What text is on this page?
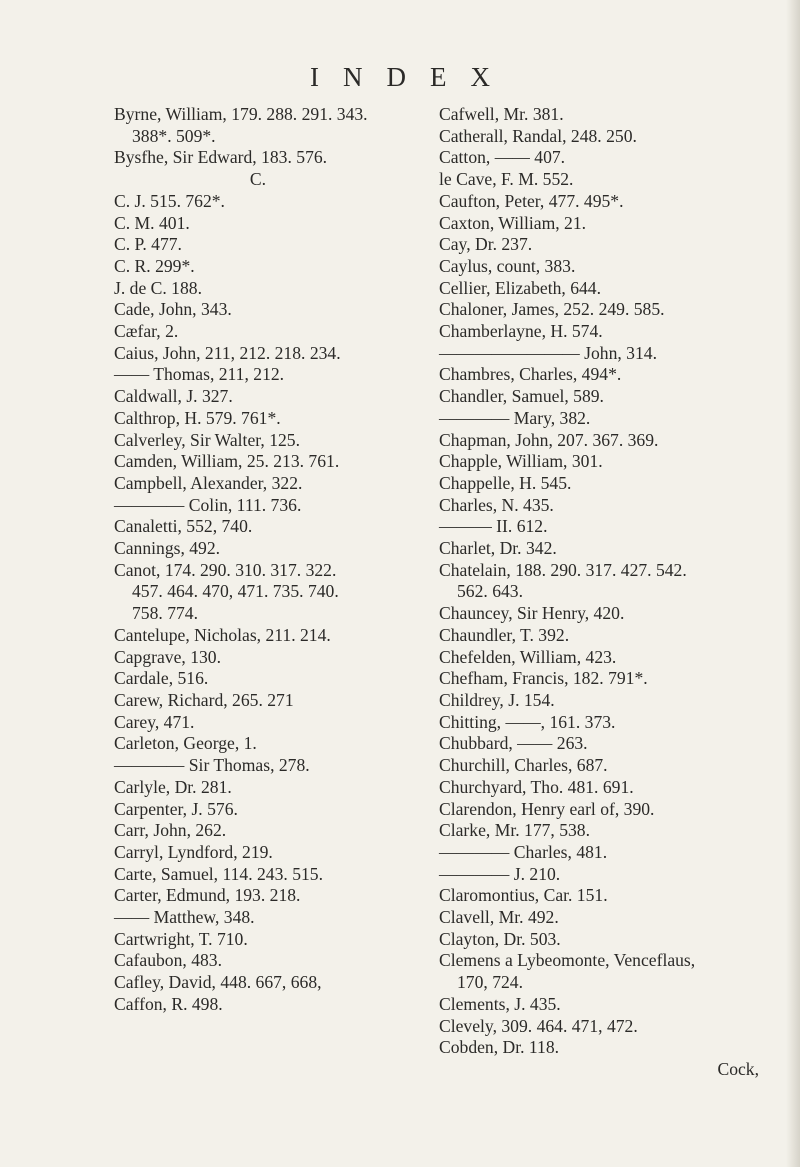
INDEX
Byrne, William, 179. 288. 291. 343.
388*. 509*.
Bysfhe, Sir Edward, 183. 576.
C.
C. J. 515. 762*.
C. M. 401.
C. P. 477.
C. R. 299*.
J. de C. 188.
Cade, John, 343.
Cæfar, 2.
Caius, John, 211, 212. 218. 234.
—— Thomas, 211, 212.
Caldwall, J. 327.
Calthrop, H. 579. 761*.
Calverley, Sir Walter, 125.
Camden, William, 25. 213. 761.
Campbell, Alexander, 322.
———— Colin, 111. 736.
Canaletti, 552, 740.
Cannings, 492.
Canot, 174. 290. 310. 317. 322.
457. 464. 470, 471. 735. 740.
758. 774.
Cantelupe, Nicholas, 211. 214.
Capgrave, 130.
Cardale, 516.
Carew, Richard, 265. 271
Carey, 471.
Carleton, George, 1.
———— Sir Thomas, 278.
Carlyle, Dr. 281.
Carpenter, J. 576.
Carr, John, 262.
Carryl, Lyndford, 219.
Carte, Samuel, 114. 243. 515.
Carter, Edmund, 193. 218.
—— Matthew, 348.
Cartwright, T. 710.
Cafaubon, 483.
Cafley, David, 448. 667, 668,
Caffon, R. 498.
Cafwell, Mr. 381.
Catherall, Randal, 248. 250.
Catton, —— 407.
le Cave, F. M. 552.
Caufton, Peter, 477. 495*.
Caxton, William, 21.
Cay, Dr. 237.
Caylus, count, 383.
Cellier, Elizabeth, 644.
Chaloner, James, 252. 249. 585.
Chamberlayne, H. 574.
———————— John, 314.
Chambres, Charles, 494*.
Chandler, Samuel, 589.
———— Mary, 382.
Chapman, John, 207. 367. 369.
Chapple, William, 301.
Chappelle, H. 545.
Charles, N. 435.
——— II. 612.
Charlet, Dr. 342.
Chatelain, 188. 290. 317. 427. 542.
562. 643.
Chauncey, Sir Henry, 420.
Chaundler, T. 392.
Chefelden, William, 423.
Chefham, Francis, 182. 791*.
Childrey, J. 154.
Chitting, ——, 161. 373.
Chubbard, —— 263.
Churchill, Charles, 687.
Churchyard, Tho. 481. 691.
Clarendon, Henry earl of, 390.
Clarke, Mr. 177, 538.
———— Charles, 481.
———— J. 210.
Claromontius, Car. 151.
Clavell, Mr. 492.
Clayton, Dr. 503.
Clemens a Lybeomonte, Venceflaus,
170, 724.
Clements, J. 435.
Clevely, 309. 464. 471, 472.
Cobden, Dr. 118.
Cock,
